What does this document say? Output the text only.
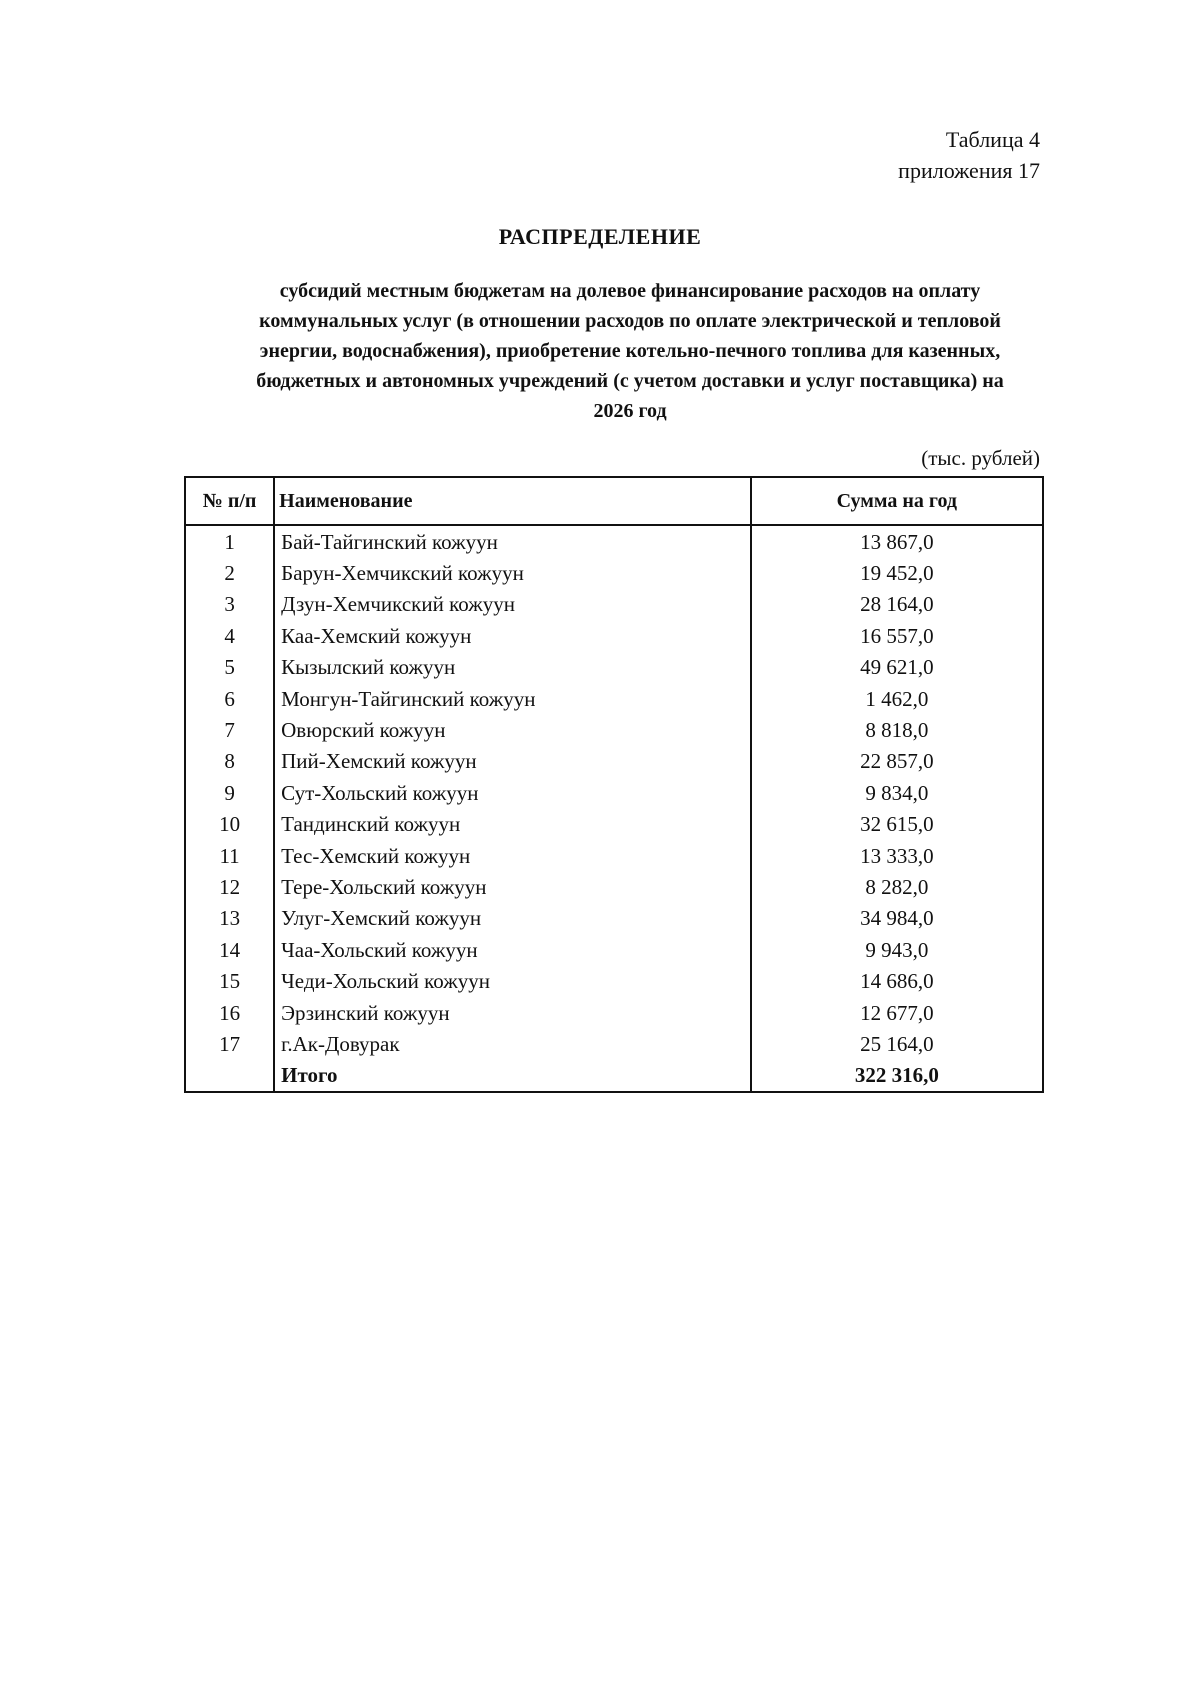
Таблица 4
приложения 17
РАСПРЕДЕЛЕНИЕ
субсидий местным бюджетам на долевое финансирование расходов на оплату
коммунальных услуг (в отношении расходов по оплате электрической и тепловой
энергии, водоснабжения), приобретение котельно-печного топлива для казенных,
бюджетных и автономных учреждений (с учетом доставки и услуг поставщика) на
2026 год
(тыс. рублей)
№ п/п	Наименование	Сумма на год
1	Бай-Тайгинский кожуун	13 867,0
2	Барун-Хемчикский кожуун	19 452,0
3	Дзун-Хемчикский кожуун	28 164,0
4	Каа-Хемский кожуун	16 557,0
5	Кызылский кожуун	49 621,0
6	Монгун-Тайгинский кожуун	1 462,0
7	Овюрский кожуун	8 818,0
8	Пий-Хемский кожуун	22 857,0
9	Сут-Хольский кожуун	9 834,0
10	Тандинский кожуун	32 615,0
11	Тес-Хемский кожуун	13 333,0
12	Тере-Хольский кожуун	8 282,0
13	Улуг-Хемский кожуун	34 984,0
14	Чаа-Хольский кожуун	9 943,0
15	Чеди-Хольский кожуун	14 686,0
16	Эрзинский кожуун	12 677,0
17	г.Ак-Довурак	25 164,0
	Итого	322 316,0
